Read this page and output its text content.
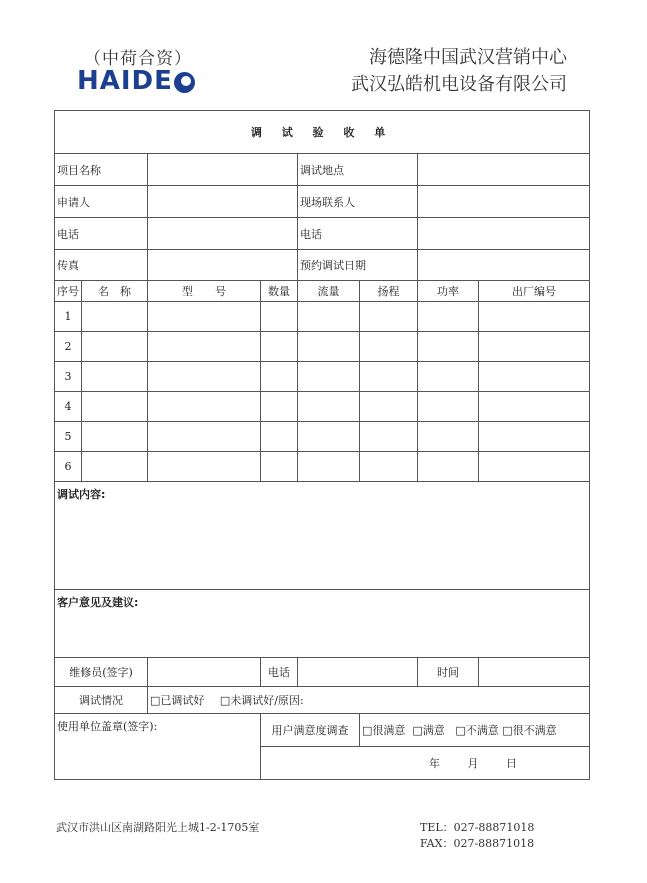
（中荷合资）
HAIDE
海德隆中国武汉营销中心
武汉弘皓机电设备有限公司
调 试 验 收 单							
项目名称				调试地点			
申请人				现场联系人			
电话				电话			
传真				预约调试日期			
序号	名　称	型　　号	数量	流量	扬程	功率	出厂编号
1							
2							
3							
4							
5							
6							
调试内容:							
客户意见及建议:							
维修员(签字)			电话			时间	
调试情况		□已调试好 □未调试好/原因:					
使用单位盖章(签字):			用户满意度调查		□很满意 □满意 □不满意 □很不满意		
			年 月 日				
武汉市洪山区南湖路阳光上城1-2-1705室	TEL：027-88871018
FAX：027-88871018
